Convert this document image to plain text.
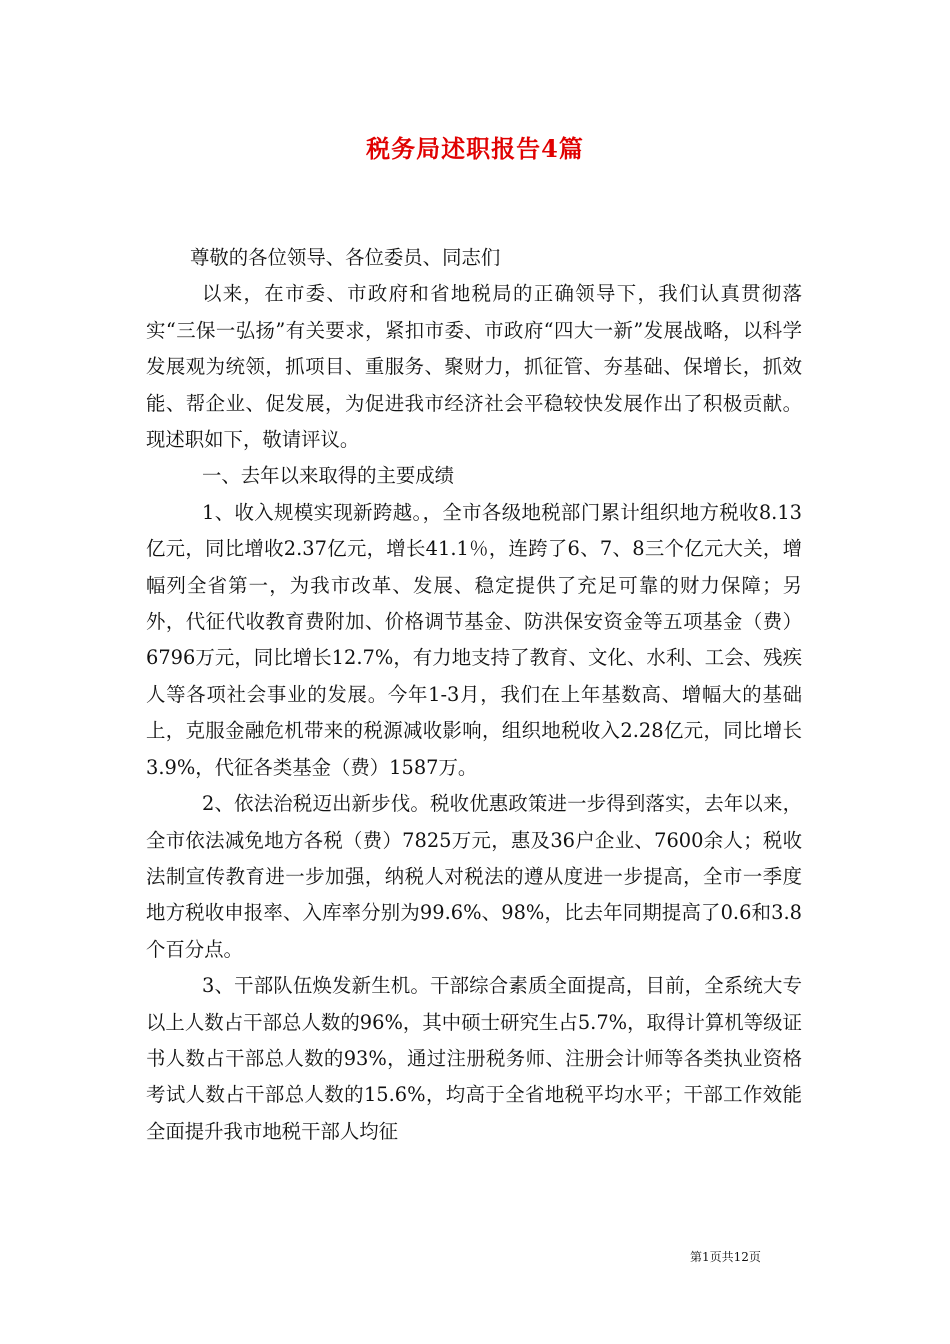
税务局述职报告4篇

尊敬的各位领导、各位委员、同志们

以来，在市委、市政府和省地税局的正确领导下，我们认真贯彻落实“三保一弘扬”有关要求，紧扣市委、市政府“四大一新”发展战略，以科学发展观为统领，抓项目、重服务、聚财力，抓征管、夯基础、保增长，抓效能、帮企业、促发展，为促进我市经济社会平稳较快发展作出了积极贡献。现述职如下，敬请评议。

一、去年以来取得的主要成绩

1、收入规模实现新跨越。，全市各级地税部门累计组织地方税收8.13亿元，同比增收2.37亿元，增长41.1％，连跨了6、7、8三个亿元大关，增幅列全省第一，为我市改革、发展、稳定提供了充足可靠的财力保障；另外，代征代收教育费附加、价格调节基金、防洪保安资金等五项基金（费）6796万元，同比增长12.7%，有力地支持了教育、文化、水利、工会、残疾人等各项社会事业的发展。今年1-3月，我们在上年基数高、增幅大的基础上，克服金融危机带来的税源减收影响，组织地税收入2.28亿元，同比增长3.9%，代征各类基金（费）1587万。

2、依法治税迈出新步伐。税收优惠政策进一步得到落实，去年以来，全市依法减免地方各税（费）7825万元，惠及36户企业、7600余人；税收法制宣传教育进一步加强，纳税人对税法的遵从度进一步提高，全市一季度地方税收申报率、入库率分别为99.6%、98%，比去年同期提高了0.6和3.8个百分点。

3、干部队伍焕发新生机。干部综合素质全面提高，目前，全系统大专以上人数占干部总人数的96%，其中硕士研究生占5.7%，取得计算机等级证书人数占干部总人数的93%，通过注册税务师、注册会计师等各类执业资格考试人数占干部总人数的15.6%，均高于全省地税平均水平；干部工作效能全面提升我市地税干部人均征

第1页共12页
